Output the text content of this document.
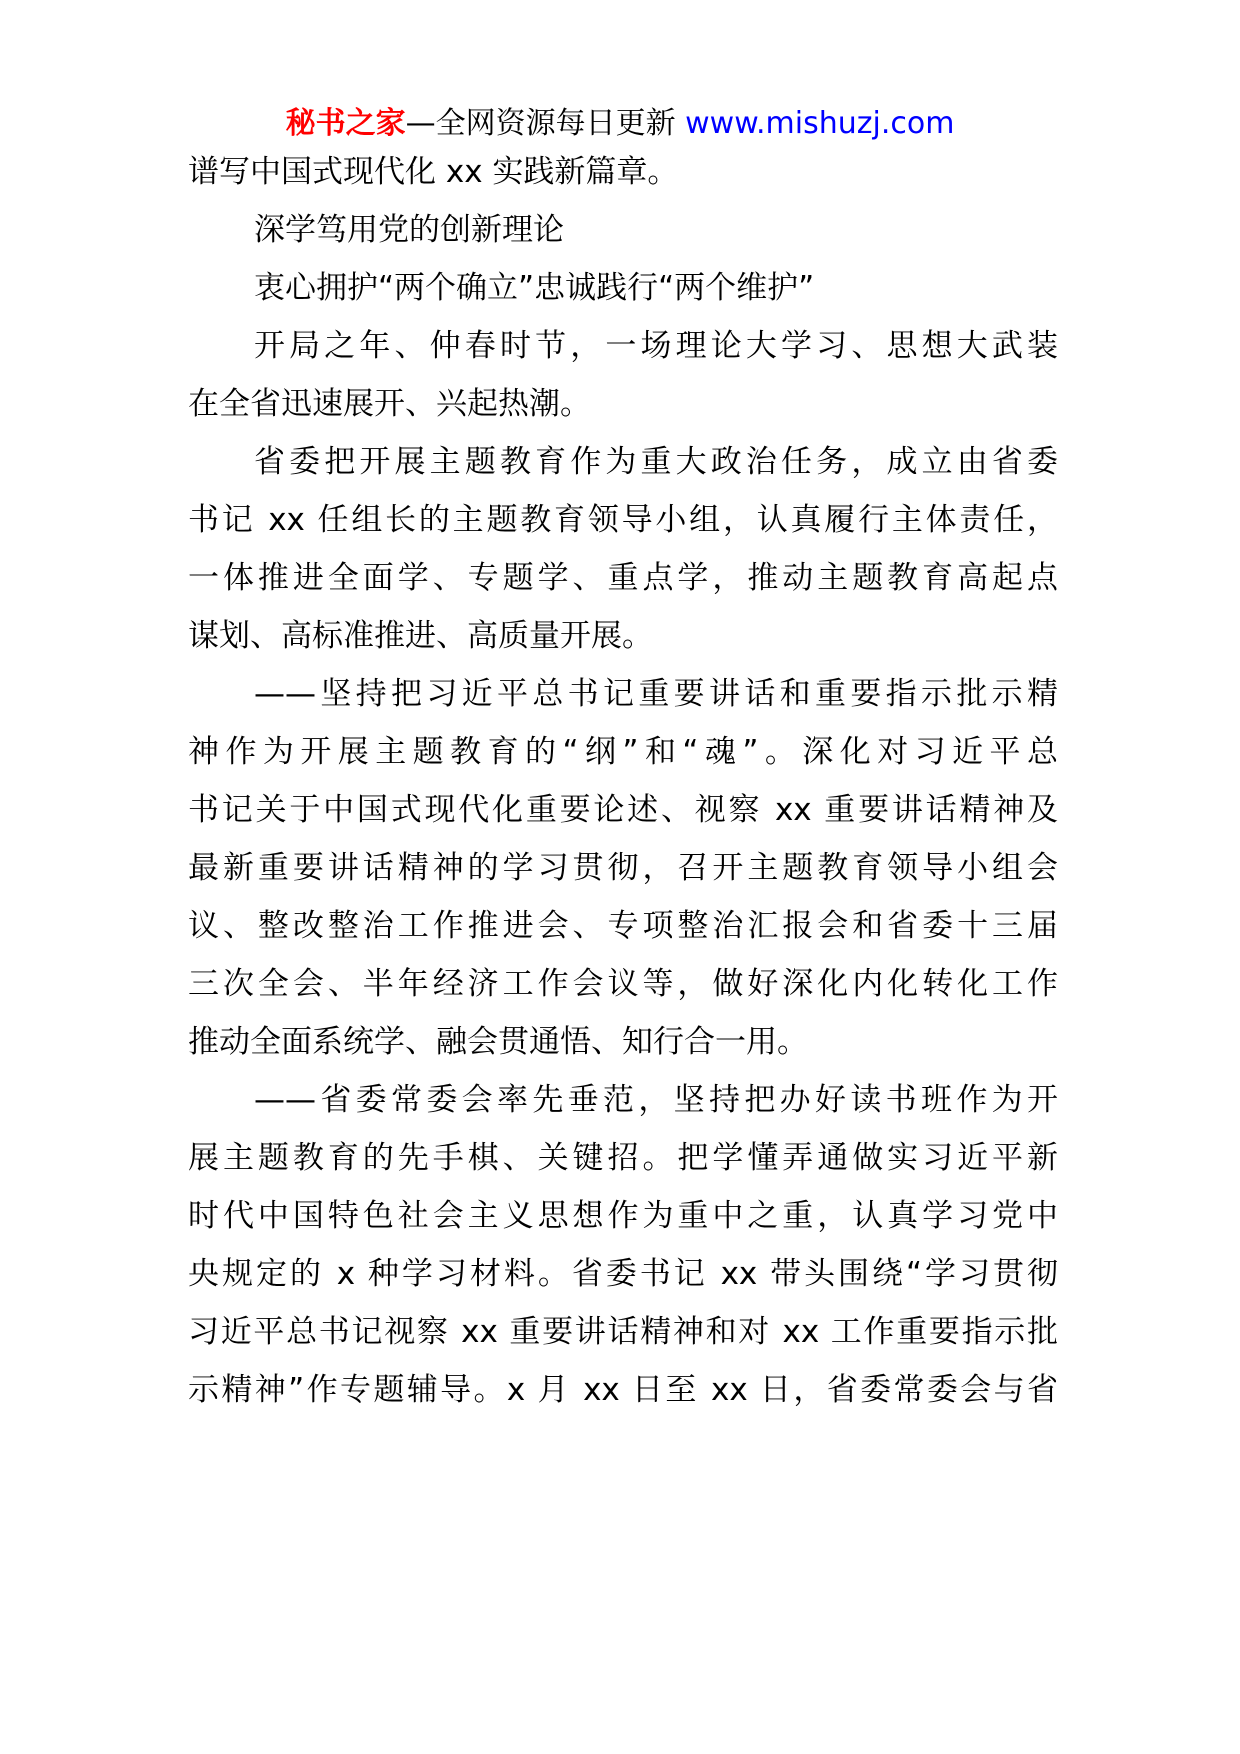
秘书之家—全网资源每日更新 www.mishuzj.com
谱写中国式现代化 xx 实践新篇章。
深学笃用党的创新理论
衷心拥护“两个确立”忠诚践行“两个维护”
开局之年、仲春时节，一场理论大学习、思想大武装
在全省迅速展开、兴起热潮。
省委把开展主题教育作为重大政治任务，成立由省委
书记 xx 任组长的主题教育领导小组，认真履行主体责任，
一体推进全面学、专题学、重点学，推动主题教育高起点
谋划、高标准推进、高质量开展。
——坚持把习近平总书记重要讲话和重要指示批示精
神作为开展主题教育的“纲”和“魂”。深化对习近平总
书记关于中国式现代化重要论述、视察 xx 重要讲话精神及
最新重要讲话精神的学习贯彻，召开主题教育领导小组会
议、整改整治工作推进会、专项整治汇报会和省委十三届
三次全会、半年经济工作会议等，做好深化内化转化工作
推动全面系统学、融会贯通悟、知行合一用。
——省委常委会率先垂范，坚持把办好读书班作为开
展主题教育的先手棋、关键招。把学懂弄通做实习近平新
时代中国特色社会主义思想作为重中之重，认真学习党中
央规定的 x 种学习材料。省委书记 xx 带头围绕“学习贯彻
习近平总书记视察 xx 重要讲话精神和对 xx 工作重要指示批
示精神”作专题辅导。x 月 xx 日至 xx 日，省委常委会与省
